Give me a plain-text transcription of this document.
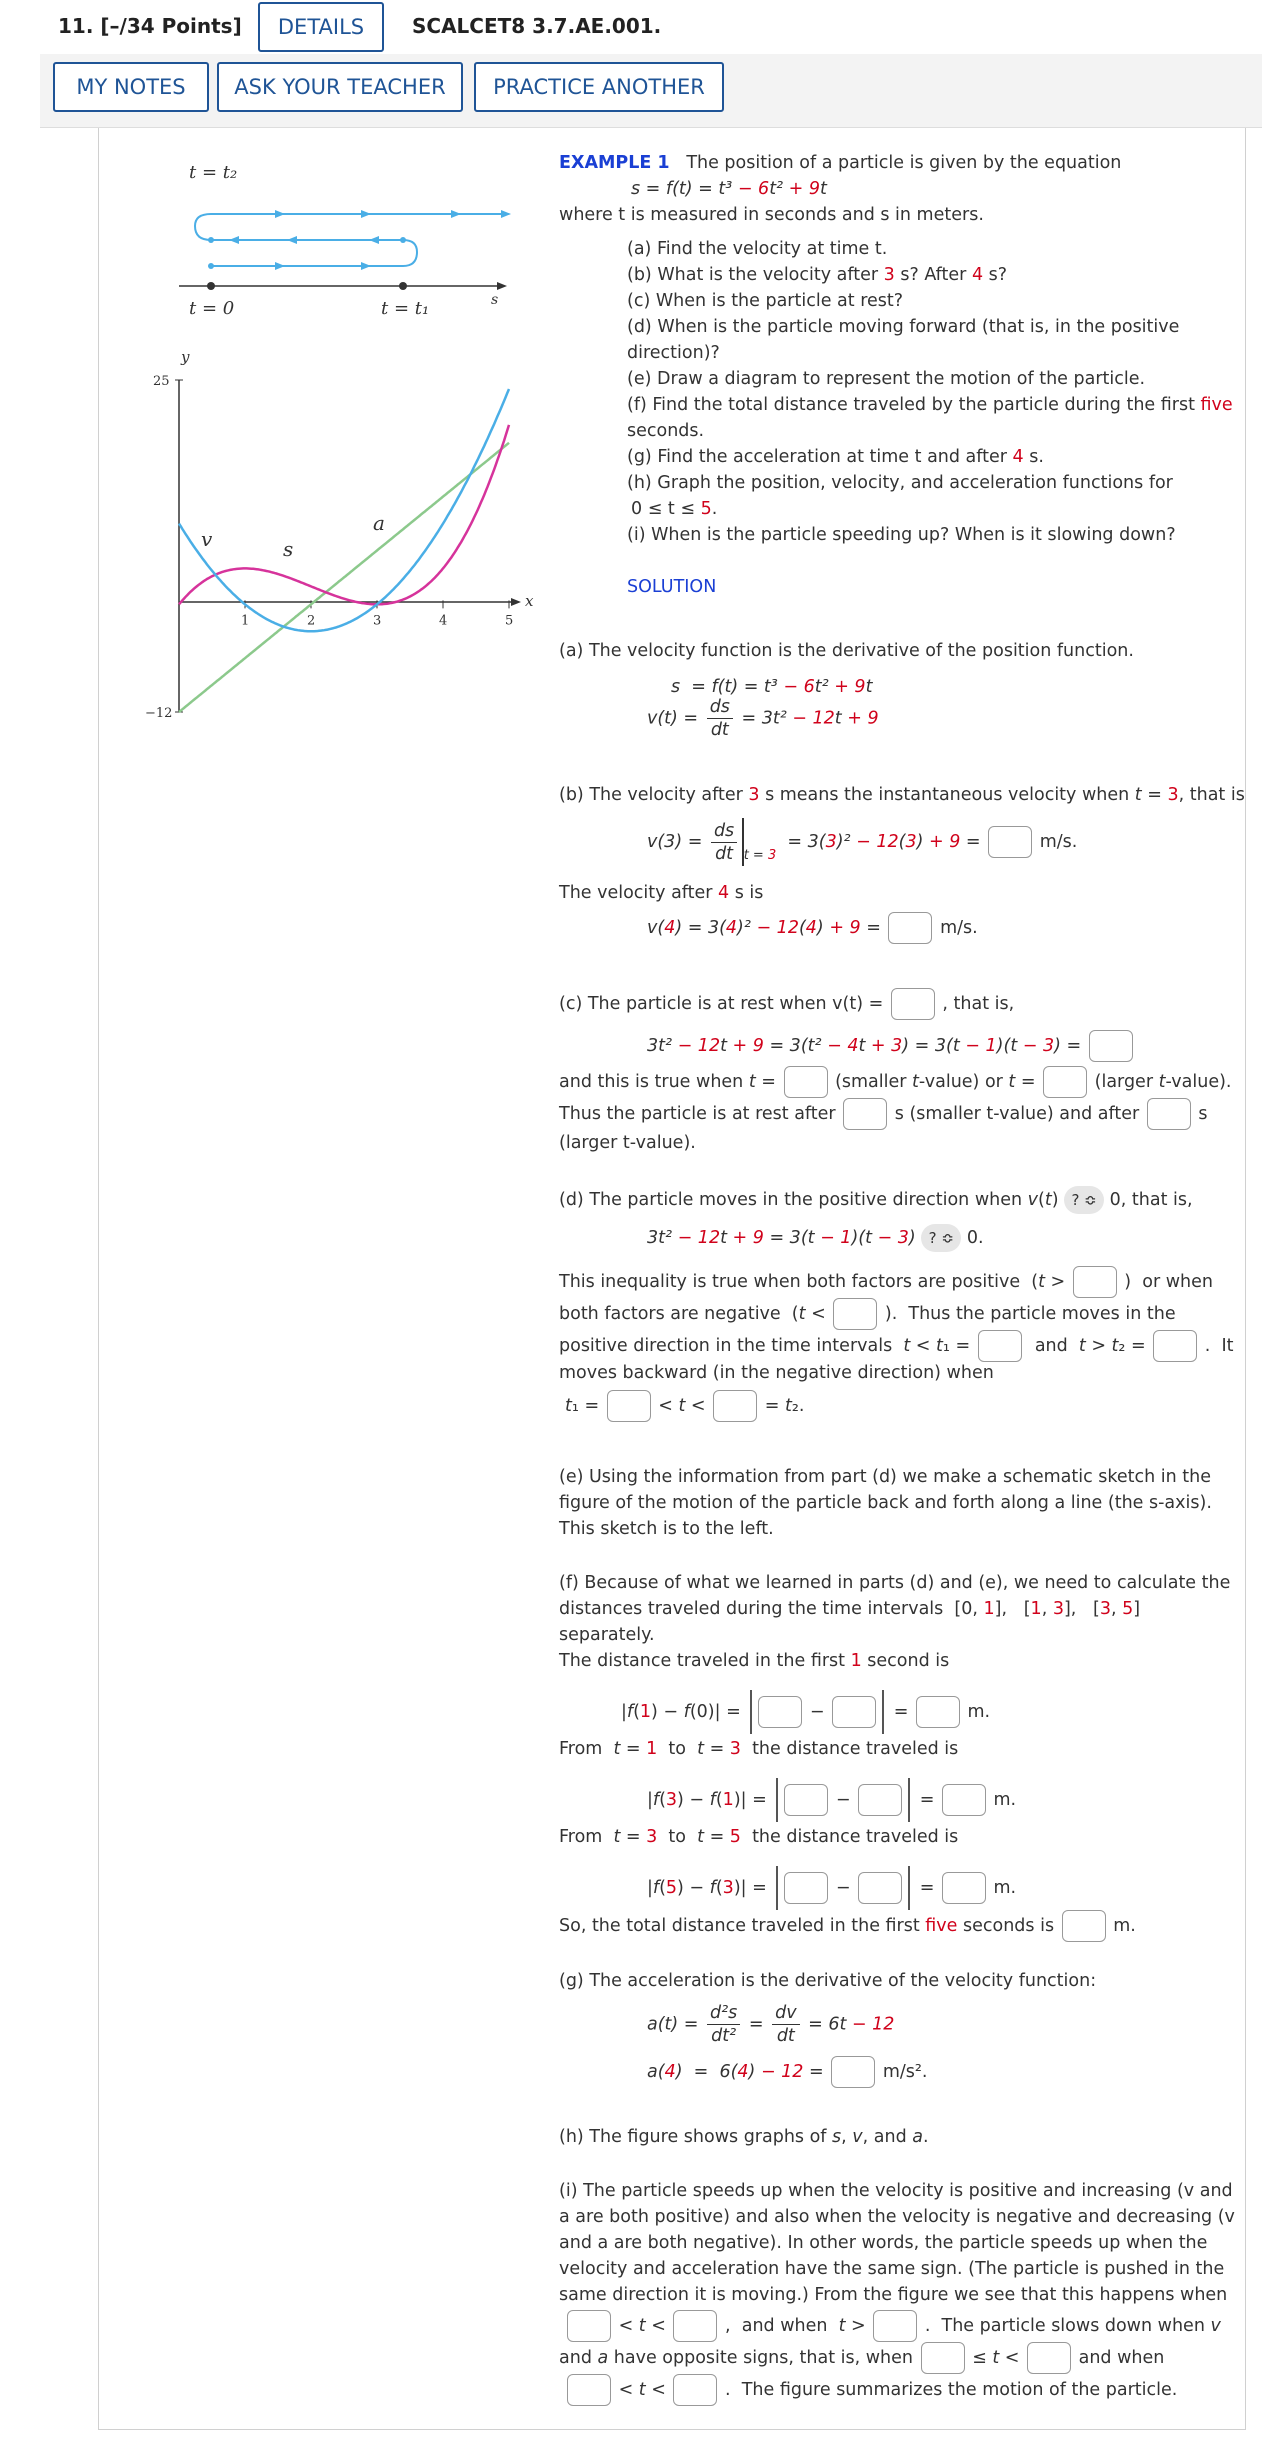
11. [–/34 Points]	DETAILS	SCALCET8 3.7.AE.001.
MY NOTES	ASK YOUR TEACHER	PRACTICE ANOTHER
t = t₂
s
t = 0	t = t₁
y
x
25
−12
1	2	3	4	5
v	s
a
EXAMPLE 1 The position of a particle is given by the equation
s = f(t) = t³ − 6t² + 9t
where t is measured in seconds and s in meters.
(a) Find the velocity at time t.
(b) What is the velocity after 3 s? After 4 s?
(c) When is the particle at rest?
(d) When is the particle moving forward (that is, in the positive
direction)?
(e) Draw a diagram to represent the motion of the particle.
(f) Find the total distance traveled by the particle during the first five
seconds.
(g) Find the acceleration at time t and after 4 s.
(h) Graph the position, velocity, and acceleration functions for
0 ≤ t ≤ 5.
(i) When is the particle speeding up? When is it slowing down?
SOLUTION
(a) The velocity function is the derivative of the position function.
s  = f(t) = t³ − 6t² + 9t
$v(t) = \frac{ds}{dt} = 3t^2 - 12t + 9$
(b) The velocity after 3 s means the instantaneous velocity when t = 3, that is
$v(3) = \frac{ds}{dt} _{t = 3} = 3(3)^2 - 12(3) + 9$ =	m/s.
The velocity after 4 s is
v(4) = 3(4)² − 12(4) + 9 =	m/s.
(c) The particle is at rest when v(t) =	, that is,
3t² − 12t + 9 = 3(t² − 4t + 3) = 3(t − 1)(t − 3) =
and this is true when t =	(smaller t-value) or t =	(larger t-value).
Thus the particle is at rest after	s (smaller t-value) and after	s
(larger t-value).
(d) The particle moves in the positive direction when v(t) ? ≎ 0, that is,
3t² − 12t + 9 = 3(t − 1)(t − 3) ? ≎ 0.
This inequality is true when both factors are positive  (t >	)  or when
both factors are negative  (t <	).  Thus the particle moves in the
positive direction in the time intervals  t < t₁ =	and  t > t₂ =	.  It
moves backward (in the negative direction) when
t₁ =	< t <	= t₂.
(e) Using the information from part (d) we make a schematic sketch in the
figure of the motion of the particle back and forth along a line (the s-axis).
This sketch is to the left.
(f) Because of what we learned in parts (d) and (e), we need to calculate the
distances traveled during the time intervals  [0, 1],   [1, 3],   [3, 5]
separately.
The distance traveled in the first 1 second is
|f(1) − f(0)| =	−	=	m.
From  t = 1  to  t = 3  the distance traveled is
|f(3) − f(1)| =	−	=	m.
From  t = 3  to  t = 5  the distance traveled is
|f(5) − f(3)| =	−	=	m.
So, the total distance traveled in the first five seconds is	m.
(g) The acceleration is the derivative of the velocity function:
$a(t) = \frac{\text{d²s}}{\text{dt²}} = \frac{dv}{dt} = 6t - 12$
a(4)  =  6(4) − 12 =	m/s².
(h) The figure shows graphs of s, v, and a.
(i) The particle speeds up when the velocity is positive and increasing (v and
a are both positive) and also when the velocity is negative and decreasing (v
and a are both negative). In other words, the particle speeds up when the
velocity and acceleration have the same sign. (The particle is pushed in the
same direction it is moving.) From the figure we see that this happens when
< t <	,  and when  t >	.  The particle slows down when v
and a have opposite signs, that is, when	≤ t <	and when
< t <	.  The figure summarizes the motion of the particle.
